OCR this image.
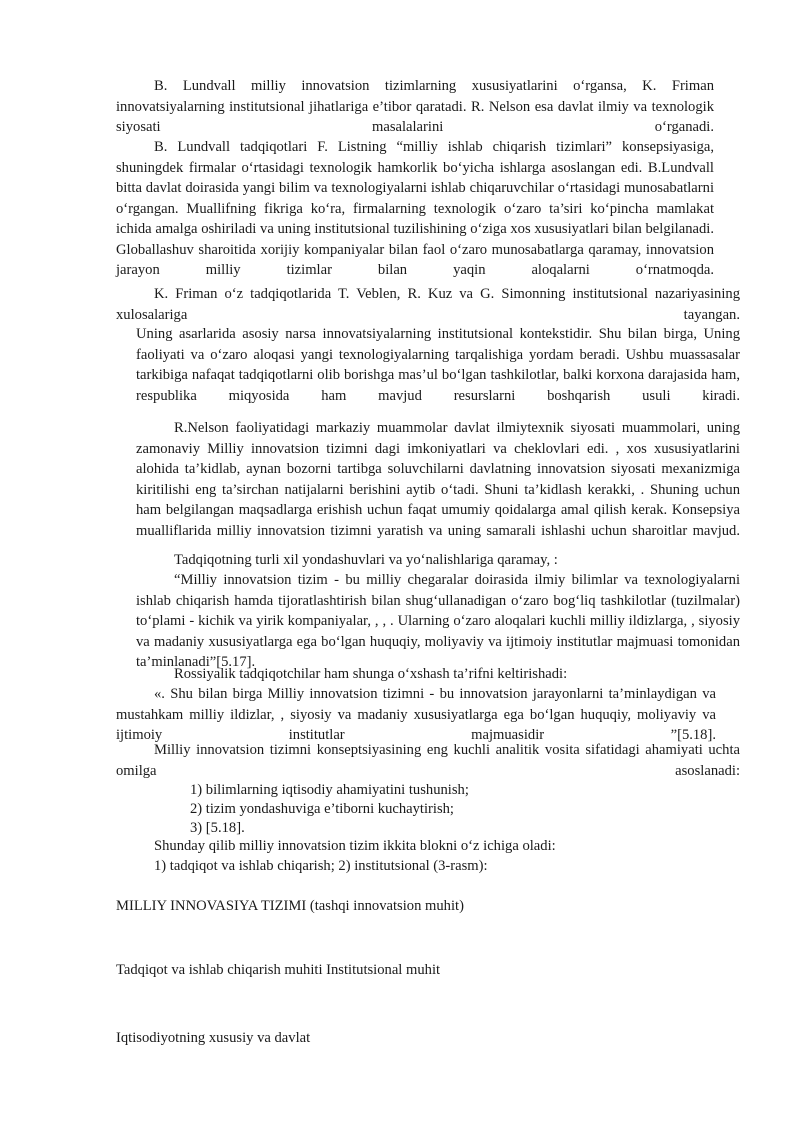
B. Lundvall milliy innovatsion tizimlarning xususiyatlarini o‘rgansa, K. Friman innovatsiyalarning institutsional jihatlariga e’tibor qaratadi. R. Nelson esa davlat ilmiy va texnologik siyosati masalalarini o‘rganadi.

B. Lundvall tadqiqotlari F. Listning “milliy ishlab chiqarish tizimlari” konsepsiyasiga, shuningdek firmalar o‘rtasidagi texnologik hamkorlik bo‘yicha ishlarga asoslangan edi. B.Lundvall bitta davlat doirasida yangi bilim va texnologiyalarni ishlab chiqaruvchilar o‘rtasidagi munosabatlarni o‘rgangan. Muallifning fikriga ko‘ra, firmalarning texnologik o‘zaro ta’siri ko‘pincha mamlakat ichida amalga oshiriladi va uning institutsional tuzilishining o‘ziga xos xususiyatlari bilan belgilanadi. Globallashuv sharoitida xorijiy kompaniyalar bilan faol o‘zaro munosabatlarga qaramay, innovatsion jarayon milliy tizimlar bilan yaqin aloqalarni o‘rnatmoqda.

K. Friman o‘z tadqiqotlarida T. Veblen, R. Kuz va G. Simonning institutsional nazariyasining xulosalariga tayangan.

Uning asarlarida asosiy narsa innovatsiyalarning institutsional kontekstidir. Shu bilan birga, Uning faoliyati va o‘zaro aloqasi yangi texnologiyalarning tarqalishiga yordam beradi. Ushbu muassasalar tarkibiga nafaqat tadqiqotlarni olib borishga mas’ul bo‘lgan tashkilotlar, balki korxona darajasida ham, respublika miqyosida ham mavjud resurslarni boshqarish usuli kiradi.

R.Nelson faoliyatidagi markaziy muammolar davlat ilmiytexnik siyosati muammolari, uning zamonaviy Milliy innovatsion tizimni dagi imkoniyatlari va cheklovlari edi. , xos xususiyatlarini alohida ta’kidlab, aynan bozorni tartibga soluvchilarni davlatning innovatsion siyosati mexanizmiga kiritilishi eng ta’sirchan natijalarni berishini aytib o‘tadi. Shuni ta’kidlash kerakki, . Shuning uchun ham belgilangan maqsadlarga erishish uchun faqat umumiy qoidalarga amal qilish kerak. Konsepsiya mualliflarida milliy innovatsion tizimni yaratish va uning samarali ishlashi uchun sharoitlar mavjud.

Tadqiqotning turli xil yondashuvlari va yo‘nalishlariga qaramay, :

“Milliy innovatsion tizim - bu milliy chegaralar doirasida ilmiy bilimlar va texnologiyalarni ishlab chiqarish hamda tijoratlashtirish bilan shug‘ullanadigan o‘zaro bog‘liq tashkilotlar (tuzilmalar) to‘plami - kichik va yirik kompaniyalar, , , . Ularning o‘zaro aloqalari kuchli milliy ildizlarga, , siyosiy va madaniy xususiyatlarga ega bo‘lgan huquqiy, moliyaviy va ijtimoiy institutlar majmuasi tomonidan ta’minlanadi”[5.17].

Rossiyalik tadqiqotchilar ham shunga o‘xshash ta’rifni keltirishadi:

«. Shu bilan birga Milliy innovatsion tizimni - bu innovatsion jarayonlarni ta’minlaydigan va mustahkam milliy ildizlar, , siyosiy va madaniy xususiyatlarga ega bo‘lgan huquqiy, moliyaviy va ijtimoiy institutlar majmuasidir ”[5.18].

Milliy innovatsion tizimni konseptsiyasining eng kuchli analitik vosita sifatidagi ahamiyati uchta omilga asoslanadi:

1) bilimlarning iqtisodiy ahamiyatini tushunish;

2) tizim yondashuviga e’tiborni kuchaytirish;

3) [5.18].

Shunday qilib milliy innovatsion tizim ikkita blokni o‘z ichiga oladi:

1) tadqiqot va ishlab chiqarish; 2) institutsional (3-rasm):

MILLIY INNOVASIYA TIZIMI (tashqi innovatsion muhit)

Tadqiqot va ishlab chiqarish muhiti Institutsional muhit

Iqtisodiyotning xususiy va davlat
